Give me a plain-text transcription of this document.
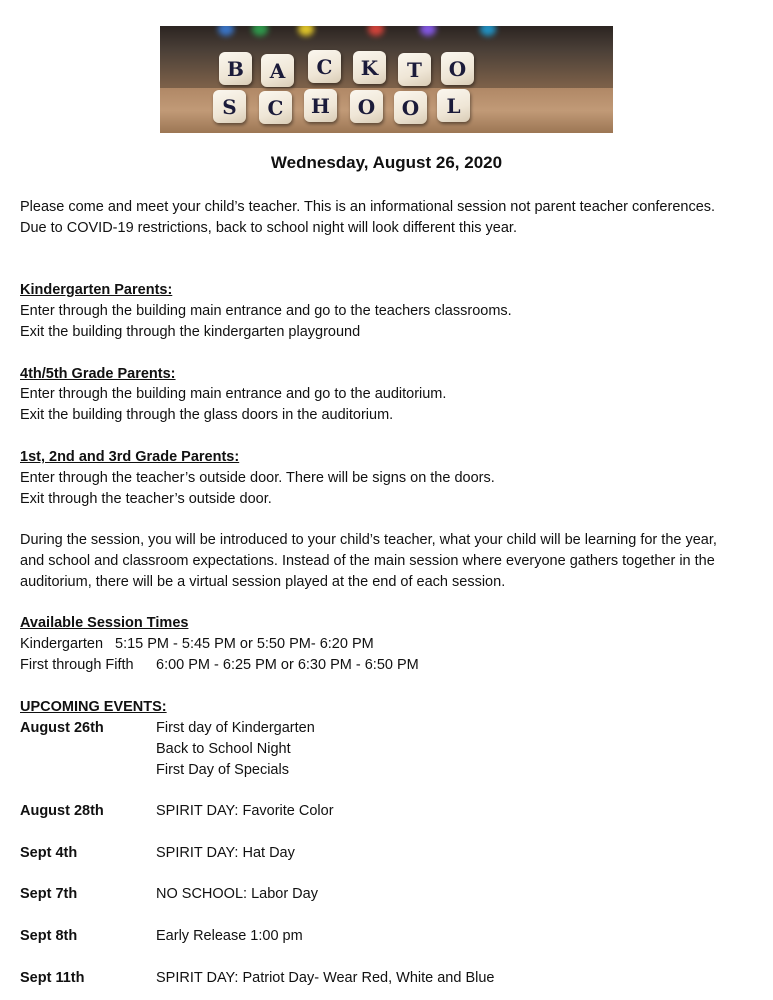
B	A	C	K	T	O
S	C	H	O	O	L
Wednesday, August 26, 2020
Please come and meet your child’s teacher. This is an informational session not parent teacher conferences.
Due to COVID-19 restrictions, back to school night will look different this year.
Kindergarten Parents:
Enter through the building main entrance and go to the teachers classrooms.
Exit the building through the kindergarten playground
4th/5th Grade Parents:
Enter through the building main entrance and go to the auditorium.
Exit the building through the glass doors in the auditorium.
1st, 2nd and 3rd Grade Parents:
Enter through the teacher’s outside door. There will be signs on the doors.
Exit through the teacher’s outside door.
During the session, you will be introduced to your child’s teacher, what your child will be learning for the year,
and school and classroom expectations. Instead of the main session where everyone gathers together in the
auditorium, there will be a virtual session played at the end of each session.
Available Session Times
Kindergarten 5:15 PM - 5:45 PM or 5:50 PM- 6:20 PM
First through Fifth 6:00 PM - 6:25 PM or 6:30 PM - 6:50 PM
UPCOMING EVENTS:
August 26th	First day of Kindergarten
Back to School Night
First Day of Specials
August 28th	SPIRIT DAY: Favorite Color
Sept 4th	SPIRIT DAY: Hat Day
Sept 7th	NO SCHOOL: Labor Day
Sept 8th	Early Release 1:00 pm
Sept 11th	SPIRIT DAY: Patriot Day- Wear Red, White and Blue
